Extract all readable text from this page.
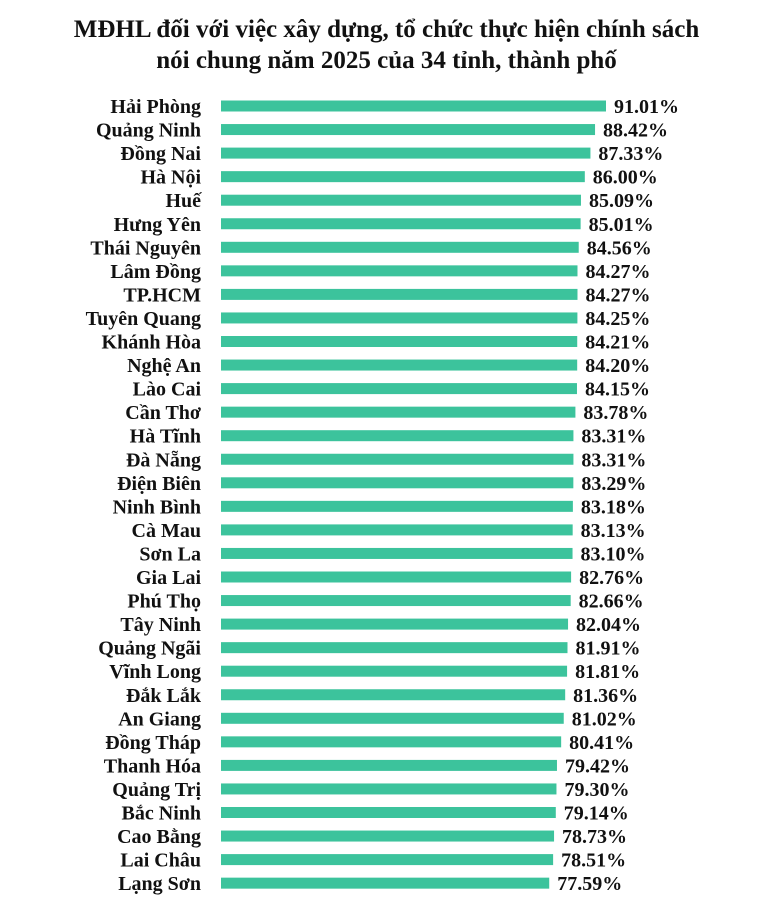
MĐHL đối với việc xây dựng, tổ chức thực hiện chính sách
nói chung năm 2025 của 34 tỉnh, thành phố
Hải Phòng
Quảng Ninh
Đồng Nai
Hà Nội
Huế
Hưng Yên
Thái Nguyên
Lâm Đồng
TP.HCM
Tuyên Quang
Khánh Hòa
Nghệ An
Lào Cai
Cần Thơ
Hà Tĩnh
Đà Nẵng
Điện Biên
Ninh Bình
Cà Mau
Sơn La
Gia Lai
Phú Thọ
Tây Ninh
Quảng Ngãi
Vĩnh Long
Đắk Lắk
An Giang
Đồng Tháp
Thanh Hóa
Quảng Trị
Bắc Ninh
Cao Bằng
Lai Châu
Lạng Sơn
91.01%
88.42%
87.33%
86.00%
85.09%
85.01%
84.56%
84.27%
84.27%
84.25%
84.21%
84.20%
84.15%
83.78%
83.31%
83.31%
83.29%
83.18%
83.13%
83.10%
82.76%
82.66%
82.04%
81.91%
81.81%
81.36%
81.02%
80.41%
79.42%
79.30%
79.14%
78.73%
78.51%
77.59%
